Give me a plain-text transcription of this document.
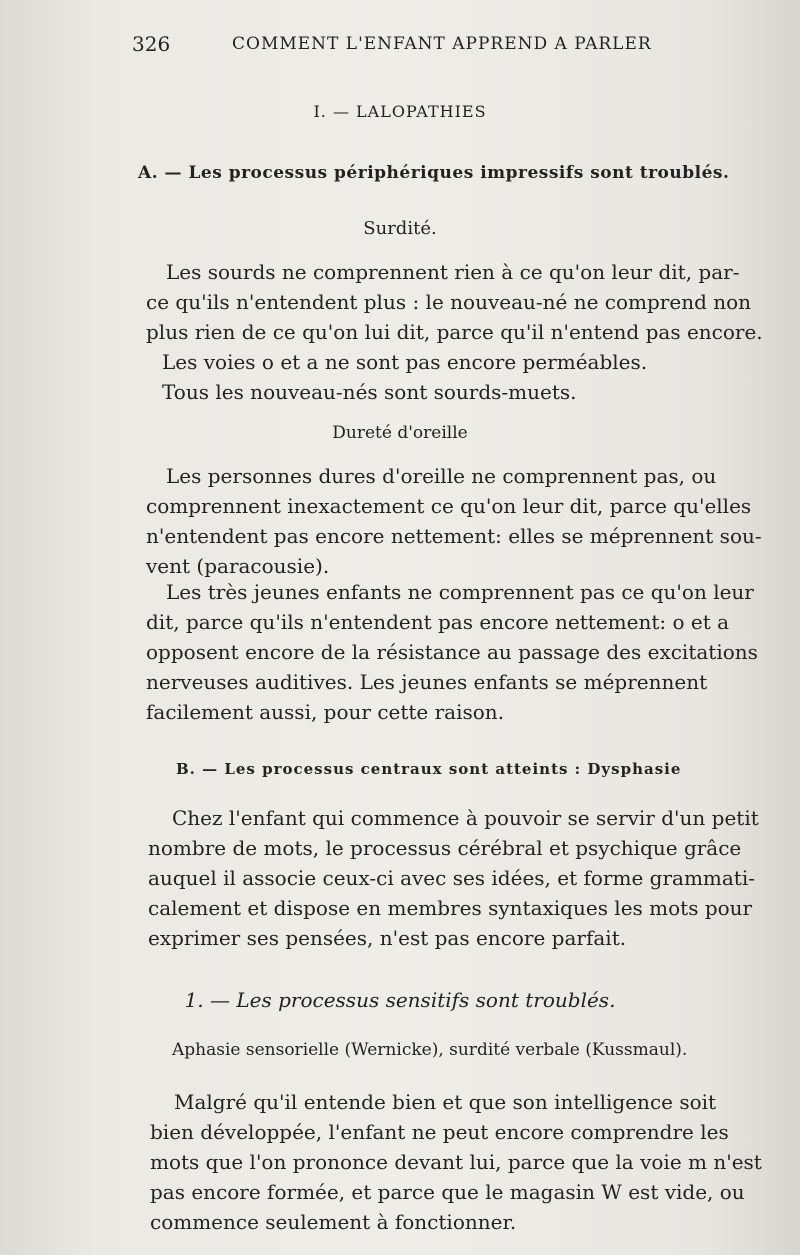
326	COMMENT L'ENFANT APPREND A PARLER
I. — LALOPATHIES
A. — Les processus périphériques impressifs sont troublés.
Surdité.

Les sourds ne comprennent rien à ce qu'on leur dit, par-
ce qu'ils n'entendent plus : le nouveau-né ne comprend non
plus rien de ce qu'on lui dit, parce qu'il n'entend pas encore.
Les voies o et a ne sont pas encore perméables.
Tous les nouveau-nés sont sourds-muets.

Dureté d'oreille

Les personnes dures d'oreille ne comprennent pas, ou
comprennent inexactement ce qu'on leur dit, parce qu'elles
n'entendent pas encore nettement: elles se méprennent sou-
vent (paracousie).

Les très jeunes enfants ne comprennent pas ce qu'on leur
dit, parce qu'ils n'entendent pas encore nettement: o et a
opposent encore de la résistance au passage des excitations
nerveuses auditives. Les jeunes enfants se méprennent
facilement aussi, pour cette raison.

B. — Les processus centraux sont atteints : Dysphasie

Chez l'enfant qui commence à pouvoir se servir d'un petit
nombre de mots, le processus cérébral et psychique grâce
auquel il associe ceux-ci avec ses idées, et forme grammati-
calement et dispose en membres syntaxiques les mots pour
exprimer ses pensées, n'est pas encore parfait.

1. — Les processus sensitifs sont troublés.
Aphasie sensorielle (Wernicke), surdité verbale (Kussmaul).

Malgré qu'il entende bien et que son intelligence soit
bien développée, l'enfant ne peut encore comprendre les
mots que l'on prononce devant lui, parce que la voie m n'est
pas encore formée, et parce que le magasin W est vide, ou
commence seulement à fonctionner.
